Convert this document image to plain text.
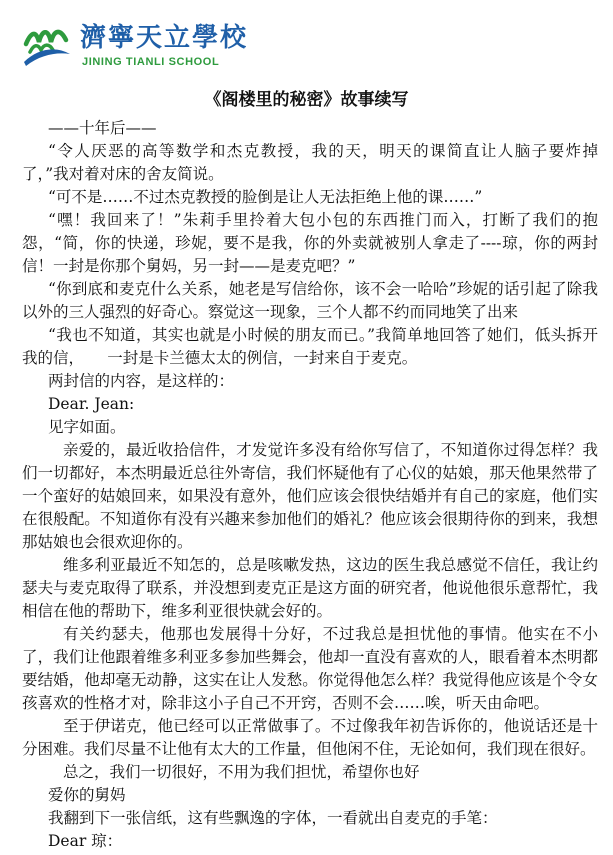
濟寧天立學校
JINING TIANLI SCHOOL
《阁楼里的秘密》故事续写

——十年后——

“令人厌恶的高等数学和杰克教授，我的天，明天的课简直让人脑子要炸掉了，”我对着对床的舍友简说。

“可不是……不过杰克教授的脸倒是让人无法拒绝上他的课……”

“嘿！我回来了！”朱莉手里拎着大包小包的东西推门而入，打断了我们的抱怨，“简，你的快递，珍妮，要不是我，你的外卖就被别人拿走了----琼，你的两封信！一封是你那个舅妈，另一封——是麦克吧？”

“你到底和麦克什么关系，她老是写信给你，该不会一哈哈”珍妮的话引起了除我以外的三人强烈的好奇心。察觉这一现象，三个人都不约而同地笑了出来

“我也不知道，其实也就是小时候的朋友而已。”我简单地回答了她们，低头拆开我的信，　　一封是卡兰德太太的例信，一封来自于麦克。

两封信的内容，是这样的：

Dear. Jean:

见字如面。

亲爱的，最近收拾信件，才发觉许多没有给你写信了，不知道你过得怎样？我们一切都好，本杰明最近总往外寄信，我们怀疑他有了心仪的姑娘，那天他果然带了一个蛮好的姑娘回来，如果没有意外，他们应该会很快结婚并有自己的家庭，他们实在很般配。不知道你有没有兴趣来参加他们的婚礼？他应该会很期待你的到来，我想那姑娘也会很欢迎你的。

维多利亚最近不知怎的，总是咳嗽发热，这边的医生我总感觉不信任，我让约瑟夫与麦克取得了联系，并没想到麦克正是这方面的研究者，他说他很乐意帮忙，我相信在他的帮助下，维多利亚很快就会好的。

有关约瑟夫，他那也发展得十分好，不过我总是担忧他的事情。他实在不小了，我们让他跟着维多利亚多参加些舞会，他却一直没有喜欢的人，眼看着本杰明都要结婚，他却毫无动静，这实在让人发愁。你觉得他怎么样？我觉得他应该是个令女孩喜欢的性格才对，除非这小子自己不开窍，否则不会……唉，听天由命吧。

至于伊诺克，他已经可以正常做事了。不过像我年初告诉你的，他说话还是十分困难。我们尽量不让他有太大的工作量，但他闲不住，无论如何，我们现在很好。

总之，我们一切很好，不用为我们担忧，希望你也好

爱你的舅妈

我翻到下一张信纸，这有些飘逸的字体，一看就出自麦克的手笔：

Dear 琼：
